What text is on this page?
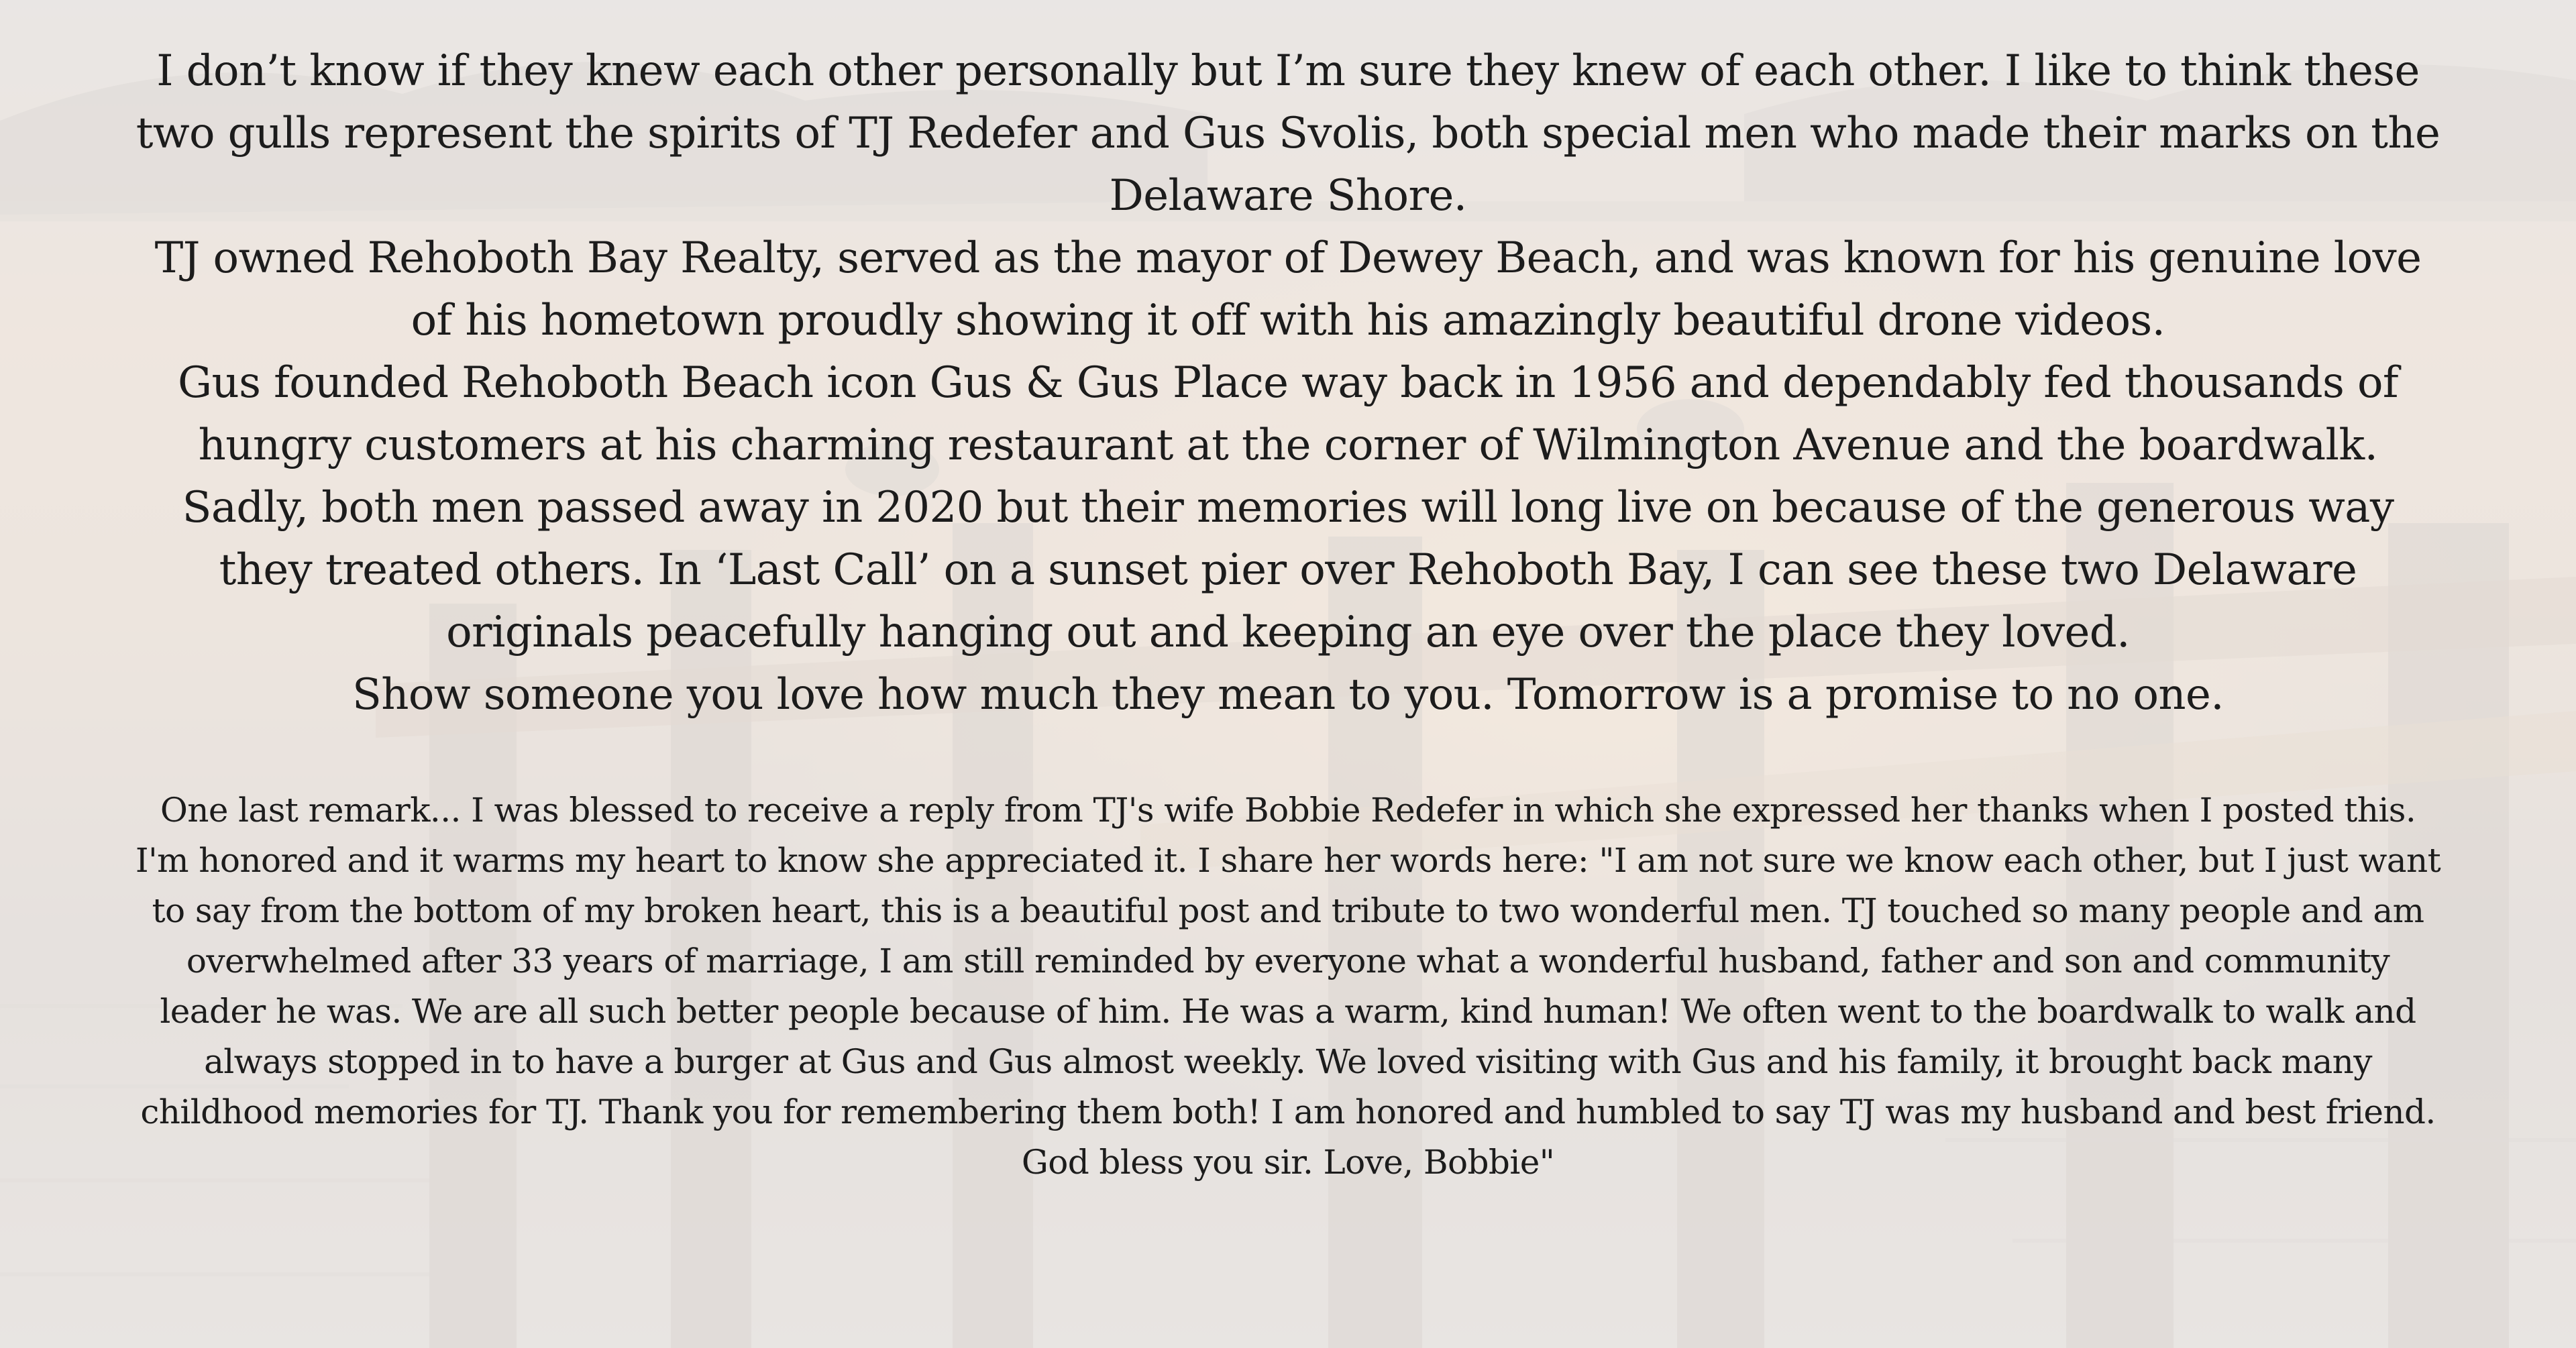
I don’t know if they knew each other personally but I’m sure they knew of each other. I like to think these two gulls represent the spirits of TJ Redefer and Gus Svolis, both special men who made their marks on the Delaware Shore.

TJ owned Rehoboth Bay Realty, served as the mayor of Dewey Beach, and was known for his genuine love of his hometown proudly showing it off with his amazingly beautiful drone videos.

Gus founded Rehoboth Beach icon Gus & Gus Place way back in 1956 and dependably fed thousands of hungry customers at his charming restaurant at the corner of Wilmington Avenue and the boardwalk.

Sadly, both men passed away in 2020 but their memories will long live on because of the generous way they treated others. In ‘Last Call’ on a sunset pier over Rehoboth Bay, I can see these two Delaware originals peacefully hanging out and keeping an eye over the place they loved.

Show someone you love how much they mean to you. Tomorrow is a promise to no one.

One last remark... I was blessed to receive a reply from TJ's wife Bobbie Redefer in which she expressed her thanks when I posted this. I'm honored and it warms my heart to know she appreciated it. I share her words here: "I am not sure we know each other, but I just want to say from the bottom of my broken heart, this is a beautiful post and tribute to two wonderful men. TJ touched so many people and am overwhelmed after 33 years of marriage, I am still reminded by everyone what a wonderful husband, father and son and community leader he was. We are all such better people because of him. He was a warm, kind human! We often went to the boardwalk to walk and always stopped in to have a burger at Gus and Gus almost weekly. We loved visiting with Gus and his family, it brought back many childhood memories for TJ. Thank you for remembering them both! I am honored and humbled to say TJ was my husband and best friend. God bless you sir. Love, Bobbie"
